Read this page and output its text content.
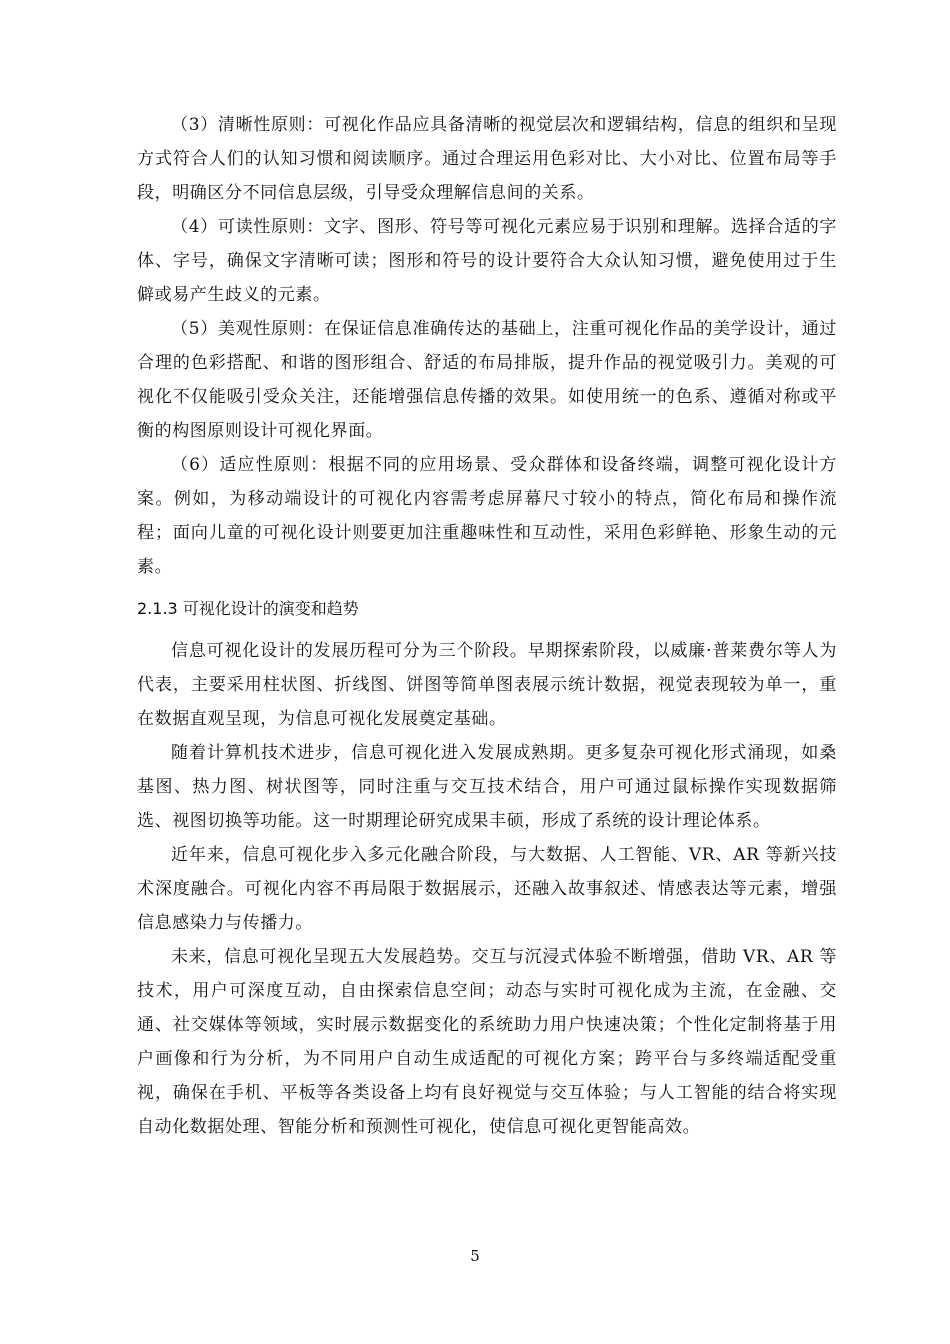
（3）清晰性原则：可视化作品应具备清晰的视觉层次和逻辑结构，信息的组织和呈现方式符合人们的认知习惯和阅读顺序。通过合理运用色彩对比、大小对比、位置布局等手段，明确区分不同信息层级，引导受众理解信息间的关系。

（4）可读性原则：文字、图形、符号等可视化元素应易于识别和理解。选择合适的字体、字号，确保文字清晰可读；图形和符号的设计要符合大众认知习惯，避免使用过于生僻或易产生歧义的元素。

（5）美观性原则：在保证信息准确传达的基础上，注重可视化作品的美学设计，通过合理的色彩搭配、和谐的图形组合、舒适的布局排版，提升作品的视觉吸引力。美观的可视化不仅能吸引受众关注，还能增强信息传播的效果。如使用统一的色系、遵循对称或平衡的构图原则设计可视化界面。

（6）适应性原则：根据不同的应用场景、受众群体和设备终端，调整可视化设计方案。例如，为移动端设计的可视化内容需考虑屏幕尺寸较小的特点，简化布局和操作流程；面向儿童的可视化设计则要更加注重趣味性和互动性，采用色彩鲜艳、形象生动的元素。

2.1.3 可视化设计的演变和趋势

信息可视化设计的发展历程可分为三个阶段。早期探索阶段，以威廉·普莱费尔等人为代表，主要采用柱状图、折线图、饼图等简单图表展示统计数据，视觉表现较为单一，重在数据直观呈现，为信息可视化发展奠定基础。

随着计算机技术进步，信息可视化进入发展成熟期。更多复杂可视化形式涌现，如桑基图、热力图、树状图等，同时注重与交互技术结合，用户可通过鼠标操作实现数据筛选、视图切换等功能。这一时期理论研究成果丰硕，形成了系统的设计理论体系。

近年来，信息可视化步入多元化融合阶段，与大数据、人工智能、VR、AR 等新兴技术深度融合。可视化内容不再局限于数据展示，还融入故事叙述、情感表达等元素，增强信息感染力与传播力。

未来，信息可视化呈现五大发展趋势。交互与沉浸式体验不断增强，借助 VR、AR 等技术，用户可深度互动，自由探索信息空间；动态与实时可视化成为主流，在金融、交通、社交媒体等领域，实时展示数据变化的系统助力用户快速决策；个性化定制将基于用户画像和行为分析，为不同用户自动生成适配的可视化方案；跨平台与多终端适配受重视，确保在手机、平板等各类设备上均有良好视觉与交互体验；与人工智能的结合将实现自动化数据处理、智能分析和预测性可视化，使信息可视化更智能高效。

5
